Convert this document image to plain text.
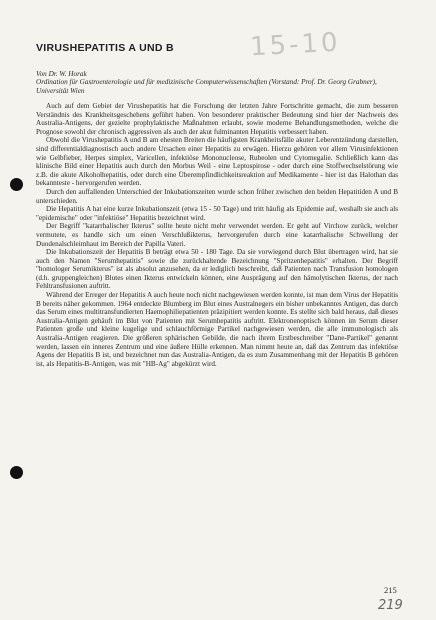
VIRUSHEPATITIS A UND B	15-10
Von Dr. W. Horak
Ordination für Gastroenterologie und für medizinische Computerwissenschaften (Vorstand: Prof. Dr. Georg Grabner), Universität Wien

Auch auf dem Gebiet der Virushepatitis hat die Forschung der letzten Jahre Fortschritte gemacht, die zum besseren Verständnis des Krankheitsgeschehens geführt haben. Von besonderer praktischer Bedeutung sind hier der Nachweis des Australia-Antigens, der gezielte prophylaktische Maßnahmen erlaubt, sowie moderne Behandlungsmethoden, welche die Prognose sowohl der chronisch aggressiven als auch der akut fulminanten Hepatitis verbessert haben.

Obwohl die Virushepatitis A und B am ehesten Breiten die häufigsten Krankheitsfälle akuter Leberentzündung darstellen, sind differentialdiagnostisch auch andere Ursachen einer Hepatitis zu erwägen. Hierzu gehören vor allem Virusinfektionen wie Gelbfieber, Herpes simplex, Varicellen, infektiöse Mononucleose, Rubeolen und Cytomegalie. Schließlich kann das klinische Bild einer Hepatitis auch durch den Morbus Weil - eine Leptospirose - oder durch eine Stoffwechselstörung wie z.B. die akute Alkoholhepatitis, oder durch eine Überempfindlichkeitsreaktion auf Medikamente - hier ist das Halothan das bekannteste - hervorgerufen werden.

Durch den auffallenden Unterschied der Inkubationszeiten wurde schon früher zwischen den beiden Hepatitiden A und B unterschieden.

Die Hepatitis A hat eine kurze Inkubationszeit (etwa 15 - 50 Tage) und tritt häufig als Epidemie auf, weshalb sie auch als "epidemische" oder "infektiöse" Hepatitis bezeichnet wird.

Der Begriff "katarrhalischer Ikterus" sollte heute nicht mehr verwendet werden. Er geht auf Virchow zurück, welcher vermutete, es handle sich um einen Verschlußikterus, hervorgerufen durch eine katarrhalische Schwellung der Duodenalschleimhaut im Bereich der Papilla Vateri.

Die Inkubationszeit der Hepatitis B beträgt etwa 50 - 180 Tage. Da sie vorwiegend durch Blut übertragen wird, hat sie auch den Namen "Serumhepatitis" sowie die zurückhaltende Bezeichnung "Spritzenhepatitis" erhalten. Der Begriff "homologer Serumikterus" ist als absolut anzusehen, da er lediglich beschreibt, daß Patienten nach Transfusion homologen (d.h. gruppengleichen) Blutes einen Ikterus entwickeln können, eine Ausprägung auf den hämolytischen Ikterus, der nach Fehltransfusionen auftritt.

Während der Erreger der Hepatitis A auch heute noch nicht nachgewiesen werden konnte, ist man dem Virus der Hepatitis B bereits näher gekommen. 1964 entdeckte Blumberg im Blut eines Australnegers ein bisher unbekanntes Antigen, das durch das Serum eines multitransfundierten Haemophiliepatienten präzipitiert werden konnte. Es stellte sich bald heraus, daß dieses Australia-Antigen gehäuft im Blut von Patienten mit Serumhepatitis auftritt. Elektronenoptisch können im Serum dieser Patienten große und kleine kugelige und schlauchförmige Partikel nachgewiesen werden, die alle immunologisch als Australia-Antigen reagieren. Die größeren sphärischen Gebilde, die nach ihrem Erstbeschreiber "Dane-Partikel" genannt werden, lassen ein inneres Zentrum und eine äußere Hülle erkennen. Man nimmt heute an, daß das Zentrum das infektiöse Agens der Hepatitis B ist, und bezeichnet nun das Australia-Antigen, da es zum Zusammenhang mit der Hepatitis B gehören ist, als Hepatitis-B-Antigen, was mit "HB-Ag" abgekürzt wird.

215
219
